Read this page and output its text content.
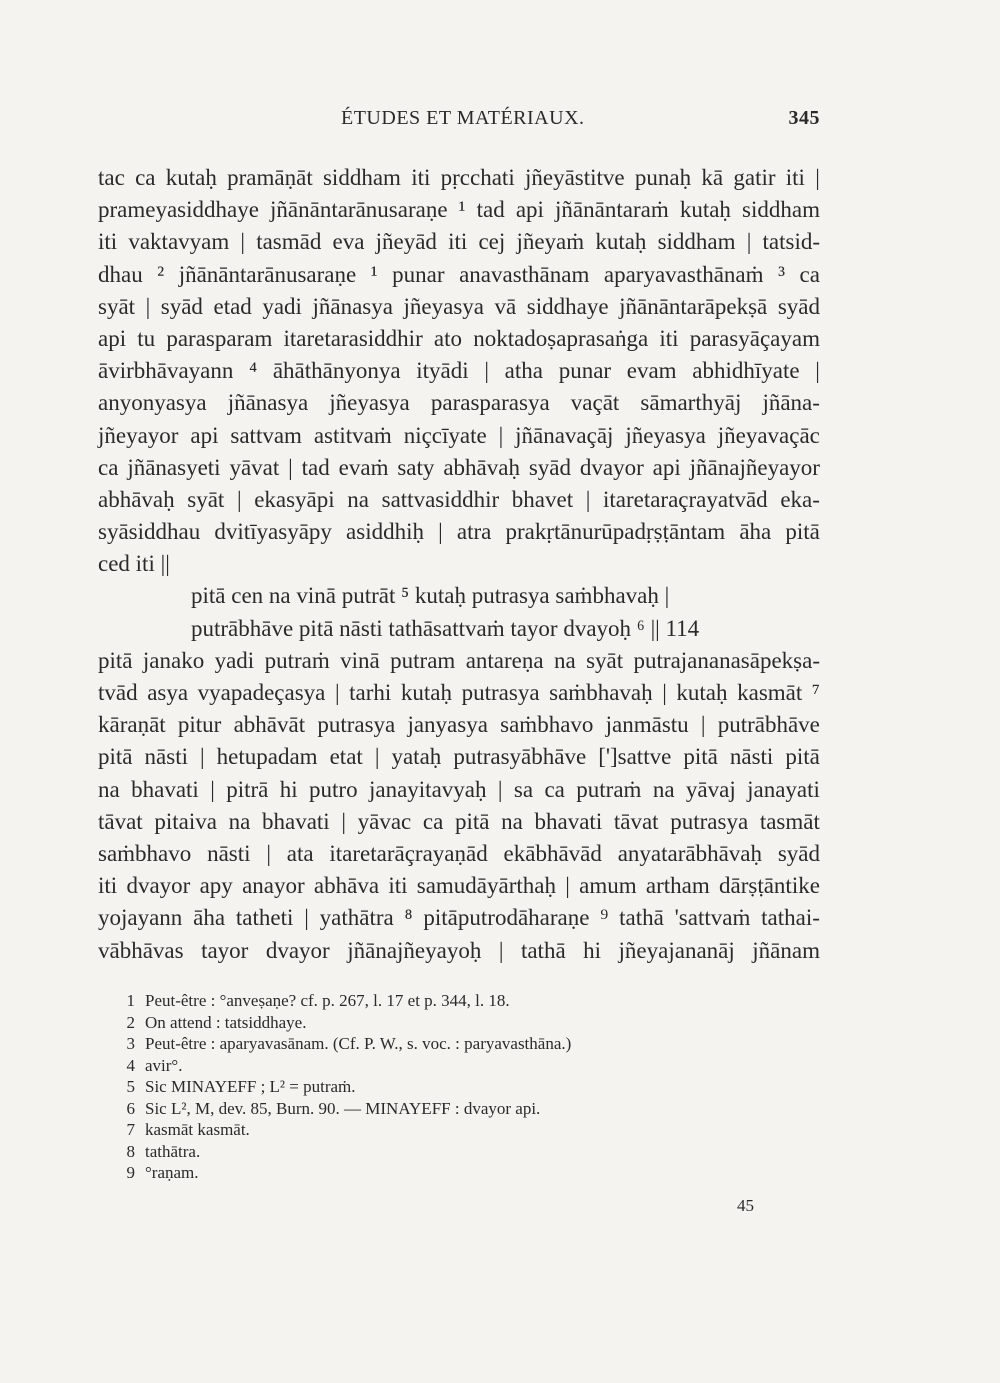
ÉTUDES ET MATÉRIAUX.	345
tac ca kutaḥ pramāṇāt siddham iti pṛcchati jñeyāstitve punaḥ kā gatir iti |
prameyasiddhaye jñānāntarānusaraṇe ¹ tad api jñānāntaraṁ kutaḥ siddham
iti vaktavyam | tasmād eva jñeyād iti cej jñeyaṁ kutaḥ siddham | tatsid-
dhau ² jñānāntarānusaraṇe ¹ punar anavasthānam aparyavasthānaṁ ³ ca
syāt | syād etad yadi jñānasya jñeyasya vā siddhaye jñānāntarāpekṣā syād
api tu parasparam itaretarasiddhir ato noktadoṣaprasaṅga iti parasyāçayam
āvirbhāvayann ⁴ āhāthānyonya ityādi | atha punar evam abhidhīyate |
anyonyasya jñānasya jñeyasya parasparasya vaçāt sāmarthyāj jñāna-
jñeyayor api sattvam astitvaṁ niçcīyate | jñānavaçāj jñeyasya jñeyavaçāc
ca jñānasyeti yāvat | tad evaṁ saty abhāvaḥ syād dvayor api jñānajñeyayor
abhāvaḥ syāt | ekasyāpi na sattvasiddhir bhavet | itaretaraçrayatvād eka-
syāsiddhau dvitīyasyāpy asiddhiḥ | atra prakṛtānurūpadṛṣṭāntam āha pitā
ced iti ||
pitā cen na vinā putrāt ⁵ kutaḥ putrasya saṁbhavaḥ |
putrābhāve pitā nāsti tathāsattvaṁ tayor dvayoḥ ⁶ || 114
pitā janako yadi putraṁ vinā putram antareṇa na syāt putrajananasāpekṣa-
tvād asya vyapadeçasya | tarhi kutaḥ putrasya saṁbhavaḥ | kutaḥ kasmāt ⁷
kāraṇāt pitur abhāvāt putrasya janyasya saṁbhavo janmāstu | putrābhāve
pitā nāsti | hetupadam etat | yataḥ putrasyābhāve [']sattve pitā nāsti pitā
na bhavati | pitrā hi putro janayitavyaḥ | sa ca putraṁ na yāvaj janayati
tāvat pitaiva na bhavati | yāvac ca pitā na bhavati tāvat putrasya tasmāt
saṁbhavo nāsti | ata itaretarāçrayaṇād ekābhāvād anyatarābhāvaḥ syād
iti dvayor apy anayor abhāva iti samudāyārthaḥ | amum artham dārṣṭāntike
yojayann āha tatheti | yathātra ⁸ pitāputrodāharaṇe ⁹ tathā 'sattvaṁ tathai-
vābhāvas tayor dvayor jñānajñeyayoḥ | tathā hi jñeyajananāj jñānam
1 Peut-être : °anveṣaṇe? cf. p. 267, l. 17 et p. 344, l. 18.
2 On attend : tatsiddhaye.
3 Peut-être : aparyavasānam. (Cf. P. W., s. voc. : paryavasthāna.)
4 avir°.
5 Sic MINAYEFF ; L² = putraṁ.
6 Sic L², M, dev. 85, Burn. 90. — MINAYEFF : dvayor api.
7 kasmāt kasmāt.
8 tathātra.
9 °raṇam.
45
